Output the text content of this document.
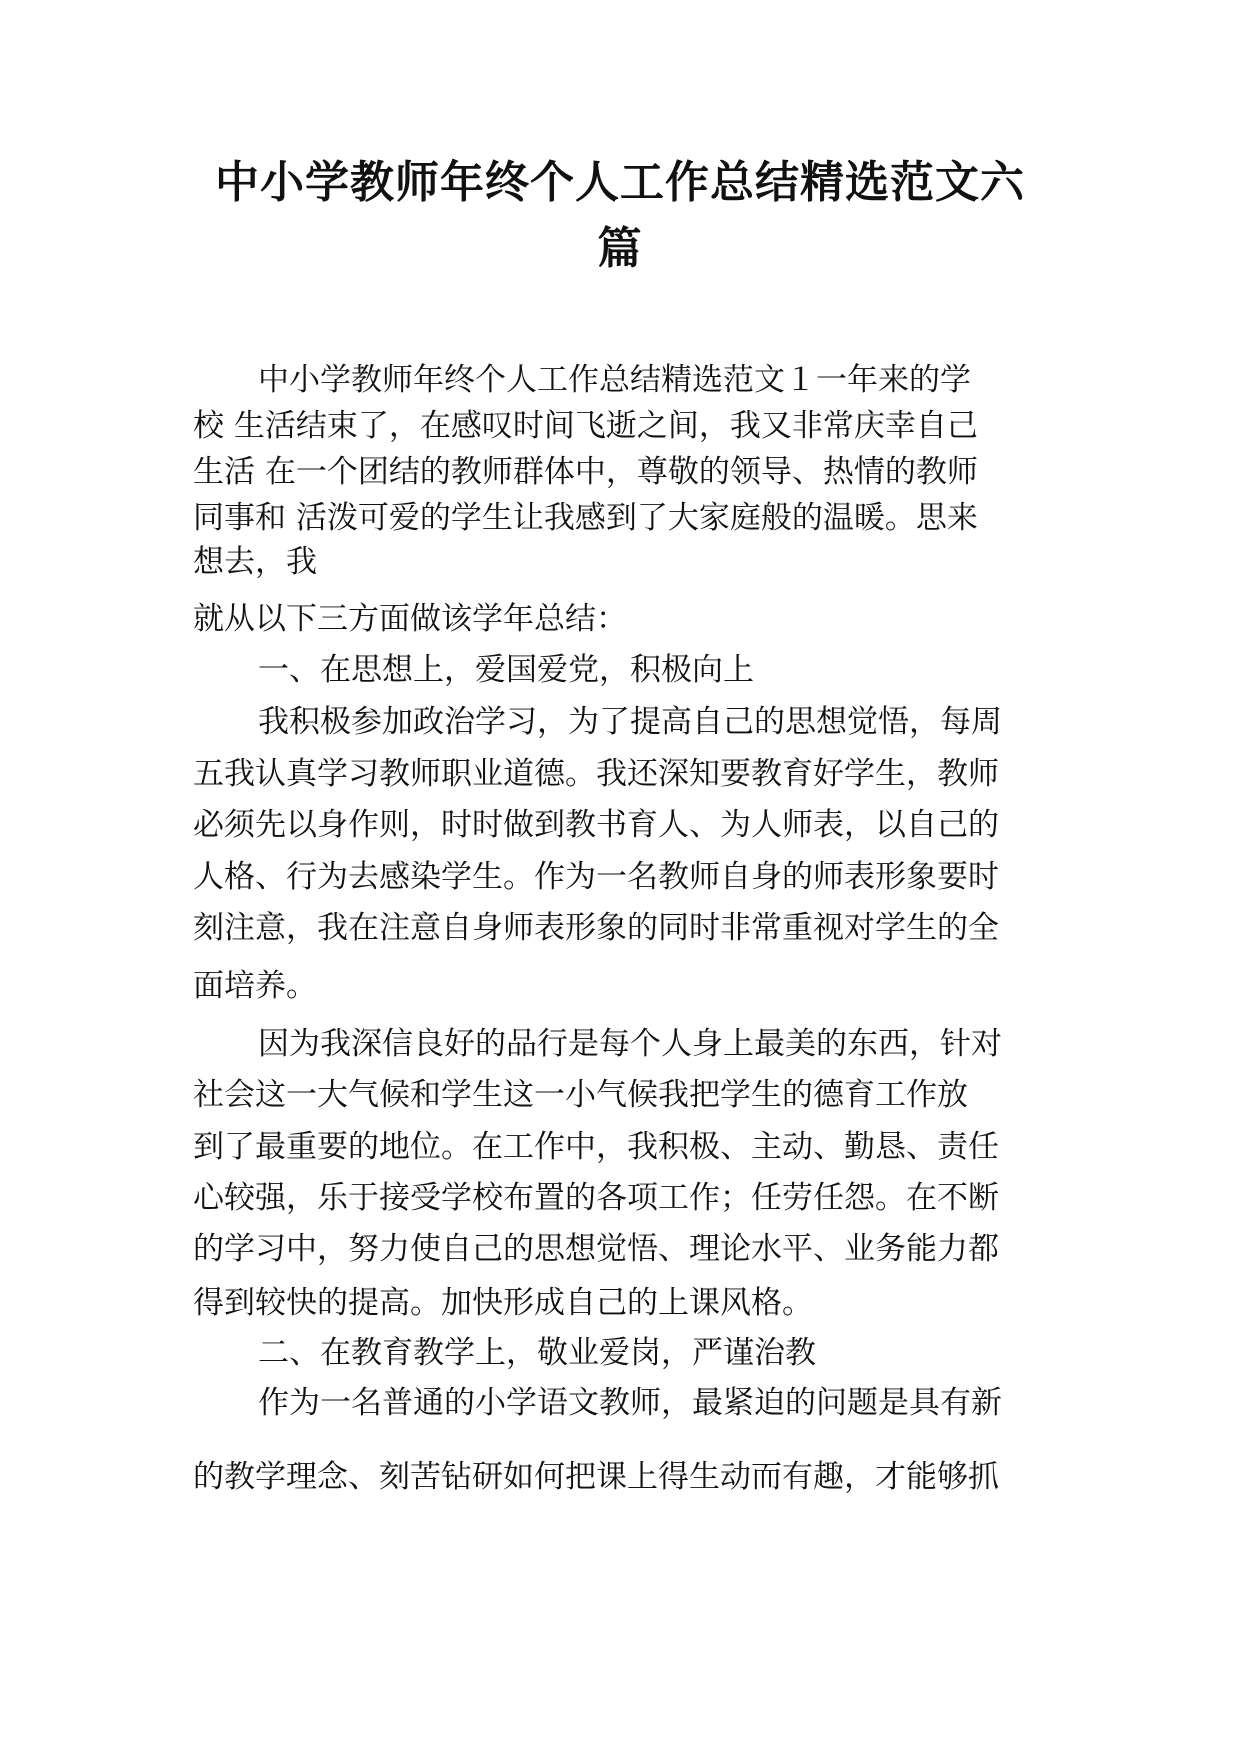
中小学教师年终个人工作总结精选范文六
篇

中小学教师年终个人工作总结精选范文１一年来的学

校 生活结束了，在感叹时间飞逝之间，我又非常庆幸自己

生活 在一个团结的教师群体中，尊敬的领导、热情的教师

同事和 活泼可爱的学生让我感到了大家庭般的温暖。思来

想去，我

就从以下三方面做该学年总结：

一、在思想上，爱国爱党，积极向上

我积极参加政治学习，为了提高自己的思想觉悟，每周

五我认真学习教师职业道德。我还深知要教育好学生，教师

必须先以身作则，时时做到教书育人、为人师表，以自己的

人格、行为去感染学生。作为一名教师自身的师表形象要时

刻注意，我在注意自身师表形象的同时非常重视对学生的全

面培养。

因为我深信良好的品行是每个人身上最美的东西，针对

社会这一大气候和学生这一小气候我把学生的德育工作放

到了最重要的地位。在工作中，我积极、主动、勤恳、责任

心较强，乐于接受学校布置的各项工作；任劳任怨。在不断

的学习中，努力使自己的思想觉悟、理论水平、业务能力都

得到较快的提高。加快形成自己的上课风格。

二、在教育教学上，敬业爱岗，严谨治教

作为一名普通的小学语文教师，最紧迫的问题是具有新

的教学理念、刻苦钻研如何把课上得生动而有趣，才能够抓
